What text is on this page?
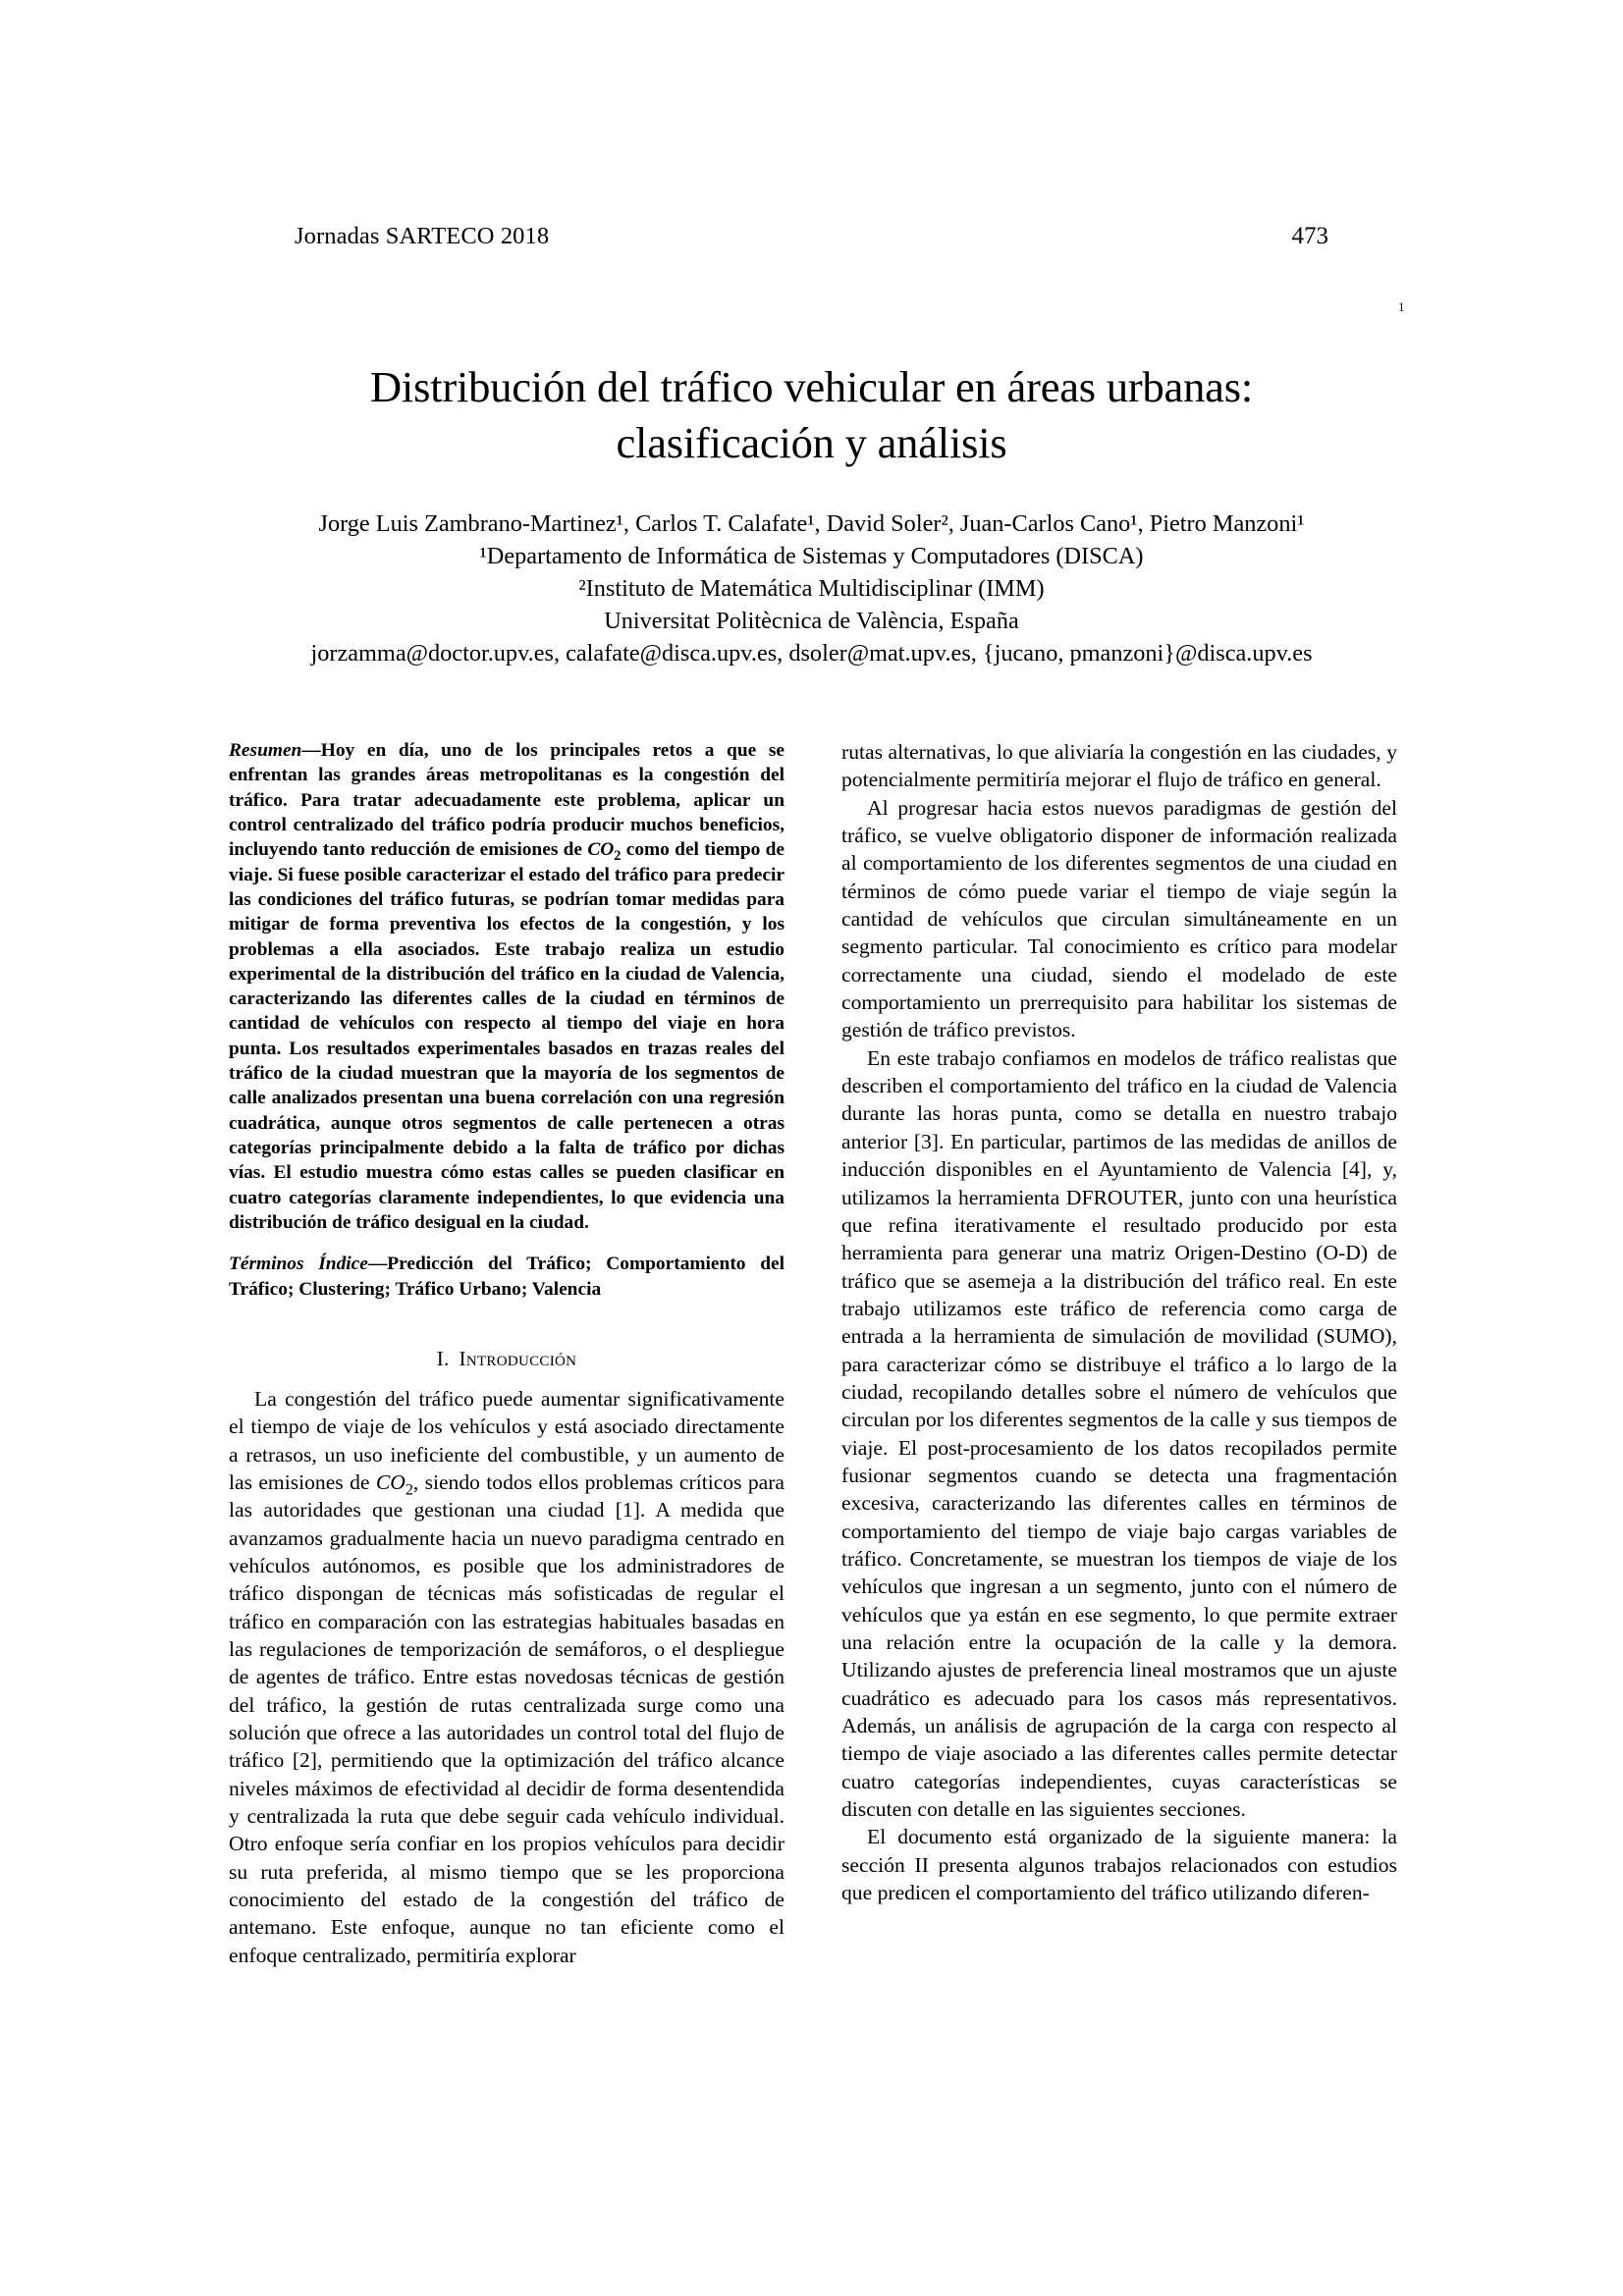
Jornadas SARTECO 2018	473
1
Distribución del tráfico vehicular en áreas urbanas:
clasificación y análisis
Jorge Luis Zambrano-Martinez¹, Carlos T. Calafate¹, David Soler², Juan-Carlos Cano¹, Pietro Manzoni¹
¹Departamento de Informática de Sistemas y Computadores (DISCA)
²Instituto de Matemática Multidisciplinar (IMM)
Universitat Politècnica de València, España
jorzamma@doctor.upv.es, calafate@disca.upv.es, dsoler@mat.upv.es, {jucano, pmanzoni}@disca.upv.es

Resumen—Hoy en día, uno de los principales retos a que se enfrentan las grandes áreas metropolitanas es la congestión del tráfico. Para tratar adecuadamente este problema, aplicar un control centralizado del tráfico podría producir muchos beneficios, incluyendo tanto reducción de emisiones de $CO_2$ como del tiempo de viaje. Si fuese posible caracterizar el estado del tráfico para predecir las condiciones del tráfico futuras, se podrían tomar medidas para mitigar de forma preventiva los efectos de la congestión, y los problemas a ella asociados. Este trabajo realiza un estudio experimental de la distribución del tráfico en la ciudad de Valencia, caracterizando las diferentes calles de la ciudad en términos de cantidad de vehículos con respecto al tiempo del viaje en hora punta. Los resultados experimentales basados en trazas reales del tráfico de la ciudad muestran que la mayoría de los segmentos de calle analizados presentan una buena correlación con una regresión cuadrática, aunque otros segmentos de calle pertenecen a otras categorías principalmente debido a la falta de tráfico por dichas vías. El estudio muestra cómo estas calles se pueden clasificar en cuatro categorías claramente independientes, lo que evidencia una distribución de tráfico desigual en la ciudad.

Términos Índice—Predicción del Tráfico; Comportamiento del Tráfico; Clustering; Tráfico Urbano; Valencia

I. Introducción

La congestión del tráfico puede aumentar significativamente el tiempo de viaje de los vehículos y está asociado directamente a retrasos, un uso ineficiente del combustible, y un aumento de las emisiones de $CO_2$, siendo todos ellos problemas críticos para las autoridades que gestionan una ciudad [1]. A medida que avanzamos gradualmente hacia un nuevo paradigma centrado en vehículos autónomos, es posible que los administradores de tráfico dispongan de técnicas más sofisticadas de regular el tráfico en comparación con las estrategias habituales basadas en las regulaciones de temporización de semáforos, o el despliegue de agentes de tráfico. Entre estas novedosas técnicas de gestión del tráfico, la gestión de rutas centralizada surge como una solución que ofrece a las autoridades un control total del flujo de tráfico [2], permitiendo que la optimización del tráfico alcance niveles máximos de efectividad al decidir de forma desentendida y centralizada la ruta que debe seguir cada vehículo individual. Otro enfoque sería confiar en los propios vehículos para decidir su ruta preferida, al mismo tiempo que se les proporciona conocimiento del estado de la congestión del tráfico de antemano. Este enfoque, aunque no tan eficiente como el enfoque centralizado, permitiría explorar

rutas alternativas, lo que aliviaría la congestión en las ciudades, y potencialmente permitiría mejorar el flujo de tráfico en general.

Al progresar hacia estos nuevos paradigmas de gestión del tráfico, se vuelve obligatorio disponer de información realizada al comportamiento de los diferentes segmentos de una ciudad en términos de cómo puede variar el tiempo de viaje según la cantidad de vehículos que circulan simultáneamente en un segmento particular. Tal conocimiento es crítico para modelar correctamente una ciudad, siendo el modelado de este comportamiento un prerrequisito para habilitar los sistemas de gestión de tráfico previstos.

En este trabajo confiamos en modelos de tráfico realistas que describen el comportamiento del tráfico en la ciudad de Valencia durante las horas punta, como se detalla en nuestro trabajo anterior [3]. En particular, partimos de las medidas de anillos de inducción disponibles en el Ayuntamiento de Valencia [4], y, utilizamos la herramienta DFROUTER, junto con una heurística que refina iterativamente el resultado producido por esta herramienta para generar una matriz Origen-Destino (O-D) de tráfico que se asemeja a la distribución del tráfico real. En este trabajo utilizamos este tráfico de referencia como carga de entrada a la herramienta de simulación de movilidad (SUMO), para caracterizar cómo se distribuye el tráfico a lo largo de la ciudad, recopilando detalles sobre el número de vehículos que circulan por los diferentes segmentos de la calle y sus tiempos de viaje. El post-procesamiento de los datos recopilados permite fusionar segmentos cuando se detecta una fragmentación excesiva, caracterizando las diferentes calles en términos de comportamiento del tiempo de viaje bajo cargas variables de tráfico. Concretamente, se muestran los tiempos de viaje de los vehículos que ingresan a un segmento, junto con el número de vehículos que ya están en ese segmento, lo que permite extraer una relación entre la ocupación de la calle y la demora. Utilizando ajustes de preferencia lineal mostramos que un ajuste cuadrático es adecuado para los casos más representativos. Además, un análisis de agrupación de la carga con respecto al tiempo de viaje asociado a las diferentes calles permite detectar cuatro categorías independientes, cuyas características se discuten con detalle en las siguientes secciones.

El documento está organizado de la siguiente manera: la sección II presenta algunos trabajos relacionados con estudios que predicen el comportamiento del tráfico utilizando diferen-
